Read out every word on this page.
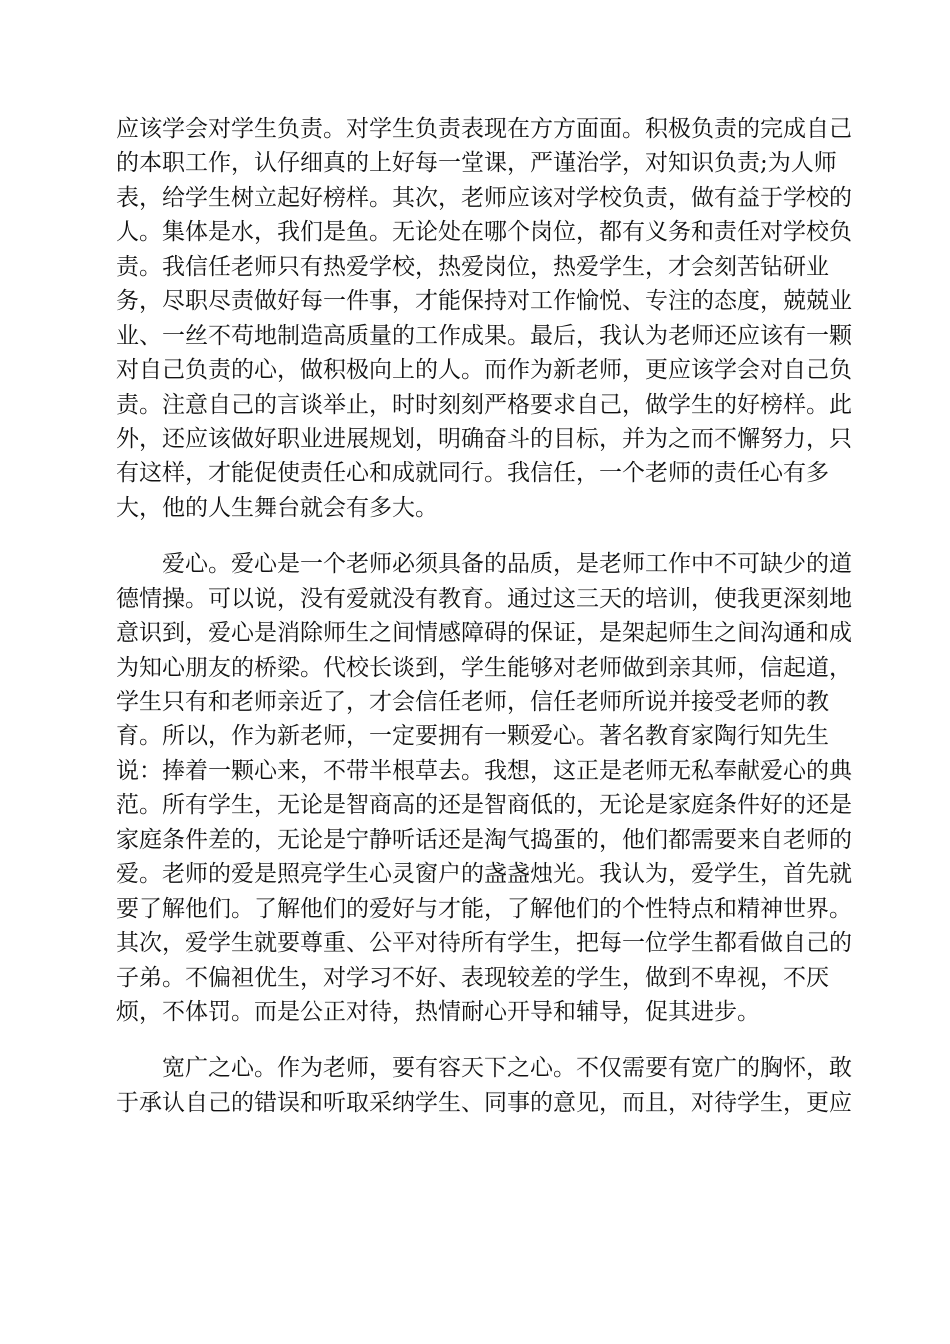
应该学会对学生负责。对学生负责表现在方方面面。积极负责的完成自己
的本职工作，认仔细真的上好每一堂课，严谨治学，对知识负责;为人师
表，给学生树立起好榜样。其次，老师应该对学校负责，做有益于学校的
人。集体是水，我们是鱼。无论处在哪个岗位，都有义务和责任对学校负
责。我信任老师只有热爱学校，热爱岗位，热爱学生，才会刻苦钻研业
务，尽职尽责做好每一件事，才能保持对工作愉悦、专注的态度，兢兢业
业、一丝不苟地制造高质量的工作成果。最后，我认为老师还应该有一颗
对自己负责的心，做积极向上的人。而作为新老师，更应该学会对自己负
责。注意自己的言谈举止，时时刻刻严格要求自己，做学生的好榜样。此
外，还应该做好职业进展规划，明确奋斗的目标，并为之而不懈努力，只
有这样，才能促使责任心和成就同行。我信任，一个老师的责任心有多
大，他的人生舞台就会有多大。
爱心。爱心是一个老师必须具备的品质，是老师工作中不可缺少的道
德情操。可以说，没有爱就没有教育。通过这三天的培训，使我更深刻地
意识到，爱心是消除师生之间情感障碍的保证，是架起师生之间沟通和成
为知心朋友的桥梁。代校长谈到，学生能够对老师做到亲其师，信起道，
学生只有和老师亲近了，才会信任老师，信任老师所说并接受老师的教
育。所以，作为新老师，一定要拥有一颗爱心。著名教育家陶行知先生
说：捧着一颗心来，不带半根草去。我想，这正是老师无私奉献爱心的典
范。所有学生，无论是智商高的还是智商低的，无论是家庭条件好的还是
家庭条件差的，无论是宁静听话还是淘气捣蛋的，他们都需要来自老师的
爱。老师的爱是照亮学生心灵窗户的盏盏烛光。我认为，爱学生，首先就
要了解他们。了解他们的爱好与才能，了解他们的个性特点和精神世界。
其次，爱学生就要尊重、公平对待所有学生，把每一位学生都看做自己的
子弟。不偏袒优生，对学习不好、表现较差的学生，做到不卑视，不厌
烦，不体罚。而是公正对待，热情耐心开导和辅导，促其进步。
宽广之心。作为老师，要有容天下之心。不仅需要有宽广的胸怀，敢
于承认自己的错误和听取采纳学生、同事的意见，而且，对待学生，更应
